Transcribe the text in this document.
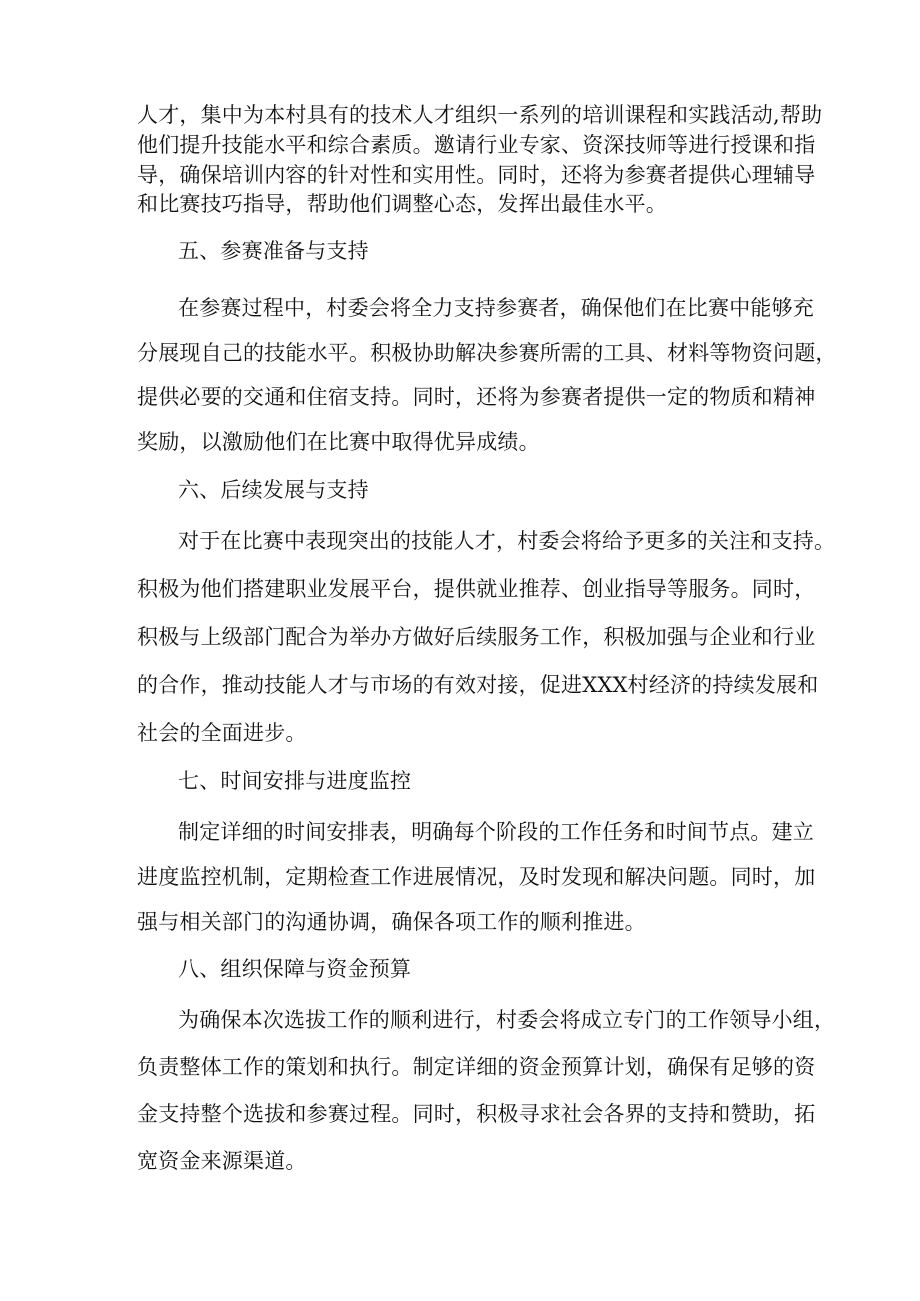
人才，集中为本村具有的技术人才组织一系列的培训课程和实践活动,帮助
他们提升技能水平和综合素质。邀请行业专家、资深技师等进行授课和指
导，确保培训内容的针对性和实用性。同时，还将为参赛者提供心理辅导
和比赛技巧指导，帮助他们调整心态，发挥出最佳水平。
五、参赛准备与支持
在参赛过程中，村委会将全力支持参赛者，确保他们在比赛中能够充
分展现自己的技能水平。积极协助解决参赛所需的工具、材料等物资问题，
提供必要的交通和住宿支持。同时，还将为参赛者提供一定的物质和精神
奖励，以激励他们在比赛中取得优异成绩。
六、后续发展与支持
对于在比赛中表现突出的技能人才，村委会将给予更多的关注和支持。
积极为他们搭建职业发展平台，提供就业推荐、创业指导等服务。同时，
积极与上级部门配合为举办方做好后续服务工作，积极加强与企业和行业
的合作，推动技能人才与市场的有效对接，促进XXX村经济的持续发展和
社会的全面进步。
七、时间安排与进度监控
制定详细的时间安排表，明确每个阶段的工作任务和时间节点。建立
进度监控机制，定期检查工作进展情况，及时发现和解决问题。同时，加
强与相关部门的沟通协调，确保各项工作的顺利推进。
八、组织保障与资金预算
为确保本次选拔工作的顺利进行，村委会将成立专门的工作领导小组，
负责整体工作的策划和执行。制定详细的资金预算计划，确保有足够的资
金支持整个选拔和参赛过程。同时，积极寻求社会各界的支持和赞助，拓
宽资金来源渠道。
